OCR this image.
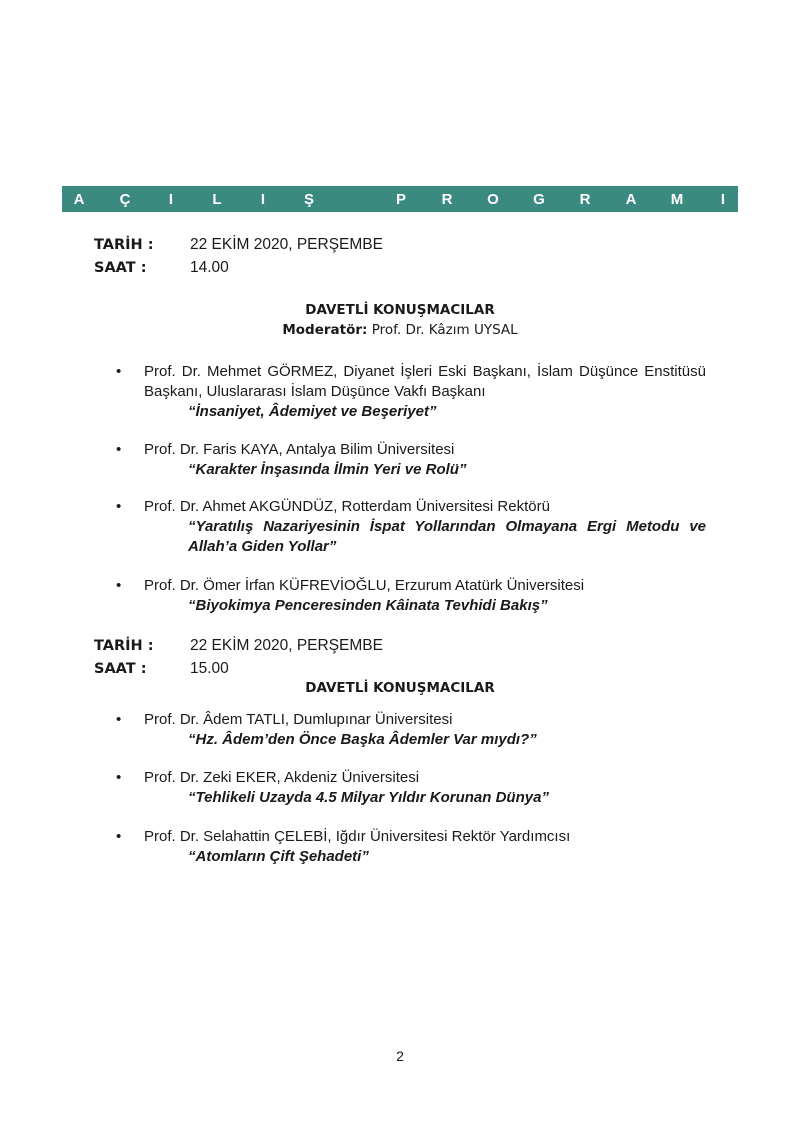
A Ç	I	L	I	Ş	P R O G R A M	I
TARİH :	22 EKİM 2020, PERŞEMBE
SAAT :	14.00
DAVETLİ KONUŞMACILAR
Moderatör: Prof. Dr. Kâzım UYSAL
• Prof. Dr. Mehmet GÖRMEZ, Diyanet İşleri Eski Başkanı, İslam Düşünce Enstitüsü Başkanı, Uluslararası İslam Düşünce Vakfı Başkanı
“İnsaniyet, Âdemiyet ve Beşeriyet”
• Prof. Dr. Faris KAYA, Antalya Bilim Üniversitesi
“Karakter İnşasında İlmin Yeri ve Rolü”
• Prof. Dr. Ahmet AKGÜNDÜZ, Rotterdam Üniversitesi Rektörü
“Yaratılış Nazariyesinin İspat Yollarından Olmayana Ergi Metodu ve Allah’a Giden Yollar”
• Prof. Dr. Ömer İrfan KÜFREVİOĞLU, Erzurum Atatürk Üniversitesi
“Biyokimya Penceresinden Kâinata Tevhidi Bakış”
TARİH :	22 EKİM 2020, PERŞEMBE
SAAT :	15.00
DAVETLİ KONUŞMACILAR
• Prof. Dr. Âdem TATLI, Dumlupınar Üniversitesi
“Hz. Âdem’den Önce Başka Âdemler Var mıydı?”
• Prof. Dr. Zeki EKER, Akdeniz Üniversitesi
“Tehlikeli Uzayda 4.5 Milyar Yıldır Korunan Dünya”
• Prof. Dr. Selahattin ÇELEBİ, Iğdır Üniversitesi Rektör Yardımcısı
“Atomların Çift Şehadeti”
2
